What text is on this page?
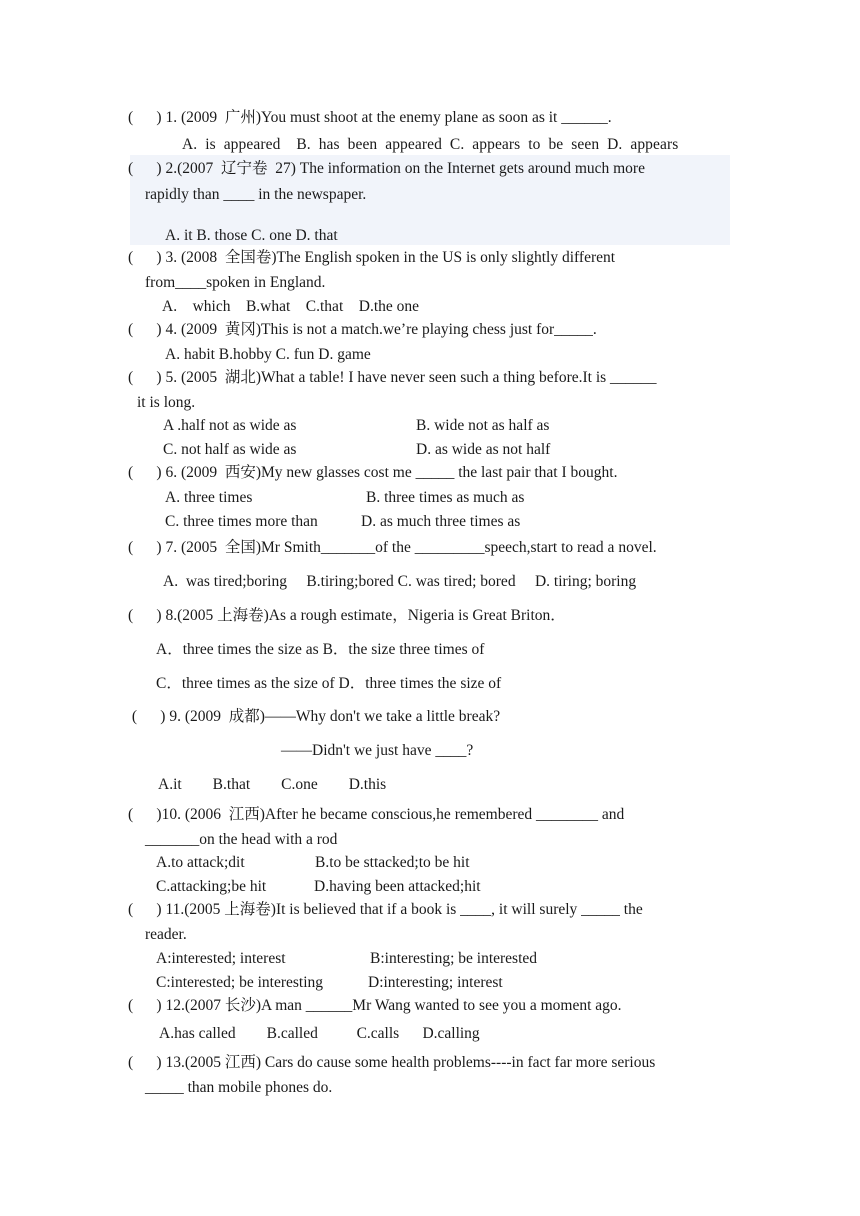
(      ) 1. (2009  广州)You must shoot at the enemy plane as soon as it ______.
A.  is  appeared    B.  has  been  appeared  C.  appears  to  be  seen  D.  appears
(      ) 2.(2007  辽宁卷  27) The information on the Internet gets around much more
rapidly than ____ in the newspaper.
A. it B. those C. one D. that
(      ) 3. (2008  全国卷)The English spoken in the US is only slightly different
from____spoken in England.
A.    which    B.what    C.that    D.the one
(      ) 4. (2009  黄冈)This is not a match.we’re playing chess just for_____.
A. habit B.hobby C. fun D. game
(      ) 5. (2005  湖北)What a table! I have never seen such a thing before.It is ______
it is long.
A .half not as wide as	B. wide not as half as
C. not half as wide as	D. as wide as not half
(      ) 6. (2009  西安)My new glasses cost me _____ the last pair that I bought.
A. three times	B. three times as much as
C. three times more than	D. as much three times as
(      ) 7. (2005  全国)Mr Smith_______of the _________speech,start to read a novel.
A.  was tired;boring     B.tiring;bored C. was tired; bored     D. tiring; boring
(      ) 8.(2005 上海卷)As a rough estimate，Nigeria is Great Briton．
A．three times the size as B．the size three times of
C．three times as the size of D．three times the size of
(      ) 9. (2009  成都)——Why don't we take a little break?
——Didn't we just have ____?
A.it        B.that        C.one        D.this
(      )10. (2006  江西)After he became conscious,he remembered ________ and
_______on the head with a rod
A.to attack;dit	B.to be sttacked;to be hit
C.attacking;be hit	D.having been attacked;hit
(      ) 11.(2005 上海卷)It is believed that if a book is ____, it will surely _____ the
reader.
A:interested; interest	B:interesting; be interested
C:interested; be interesting	D:interesting; interest
(      ) 12.(2007 长沙)A man ______Mr Wang wanted to see you a moment ago.
A.has called        B.called          C.calls      D.calling
(      ) 13.(2005 江西) Cars do cause some health problems----in fact far more serious
_____ than mobile phones do.
